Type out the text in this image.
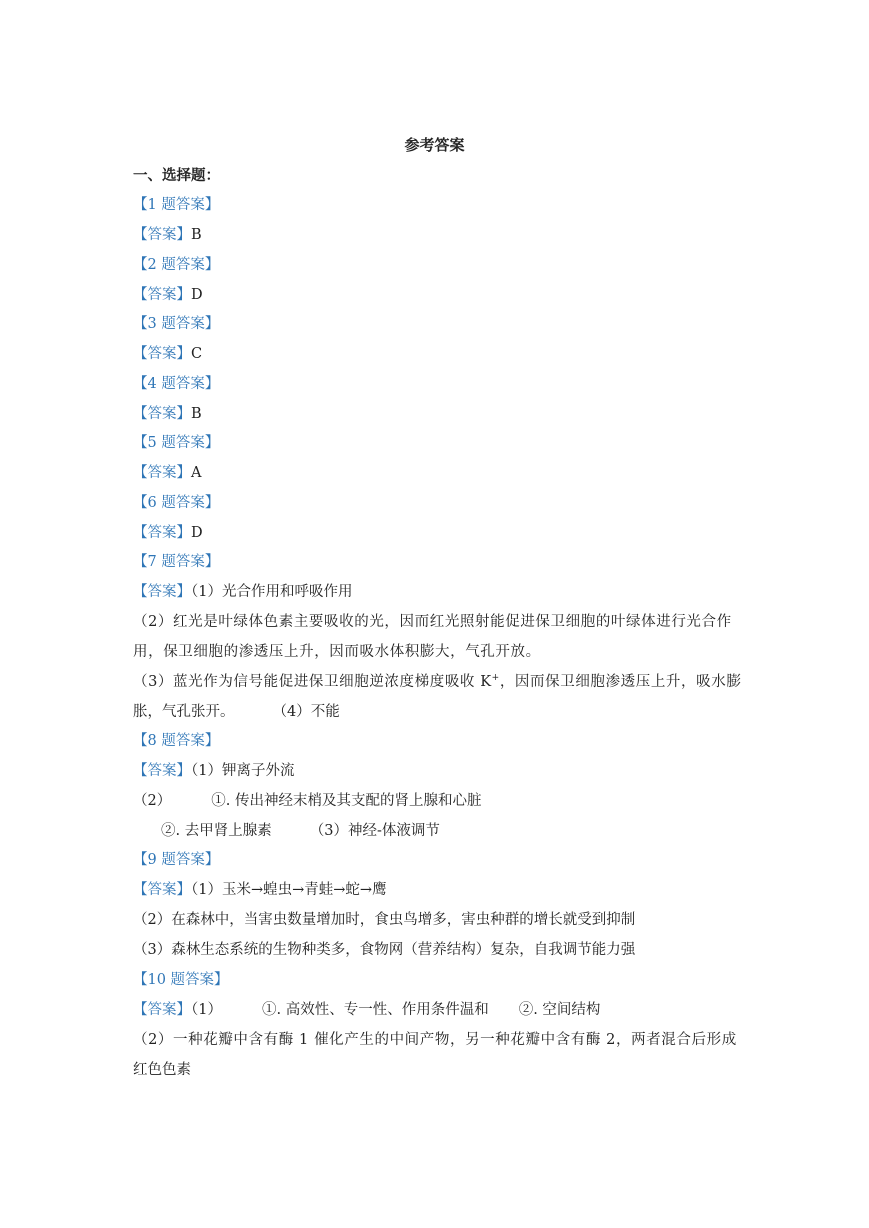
参考答案
一、选择题：
【1 题答案】
【答案】B
【2 题答案】
【答案】D
【3 题答案】
【答案】C
【4 题答案】
【答案】B
【5 题答案】
【答案】A
【6 题答案】
【答案】D
【7 题答案】
【答案】（1）光合作用和呼吸作用
（2）红光是叶绿体色素主要吸收的光，因而红光照射能促进保卫细胞的叶绿体进行光合作
用，保卫细胞的渗透压上升，因而吸水体积膨大，气孔开放。
（3）蓝光作为信号能促进保卫细胞逆浓度梯度吸收 K+，因而保卫细胞渗透压上升，吸水膨
胀，气孔张开。	（4）不能
【8 题答案】
【答案】（1）钾离子外流
（2）	①. 传出神经末梢及其支配的肾上腺和心脏
②. 去甲肾上腺素	（3）神经-体液调节
【9 题答案】
【答案】（1）玉米→蝗虫→青蛙→蛇→鹰
（2）在森林中，当害虫数量增加时，食虫鸟增多，害虫种群的增长就受到抑制
（3）森林生态系统的生物种类多，食物网（营养结构）复杂，自我调节能力强
【10 题答案】
【答案】（1）	①. 高效性、专一性、作用条件温和 ②. 空间结构
（2）一种花瓣中含有酶 1 催化产生的中间产物，另一种花瓣中含有酶 2，两者混合后形成
红色色素
